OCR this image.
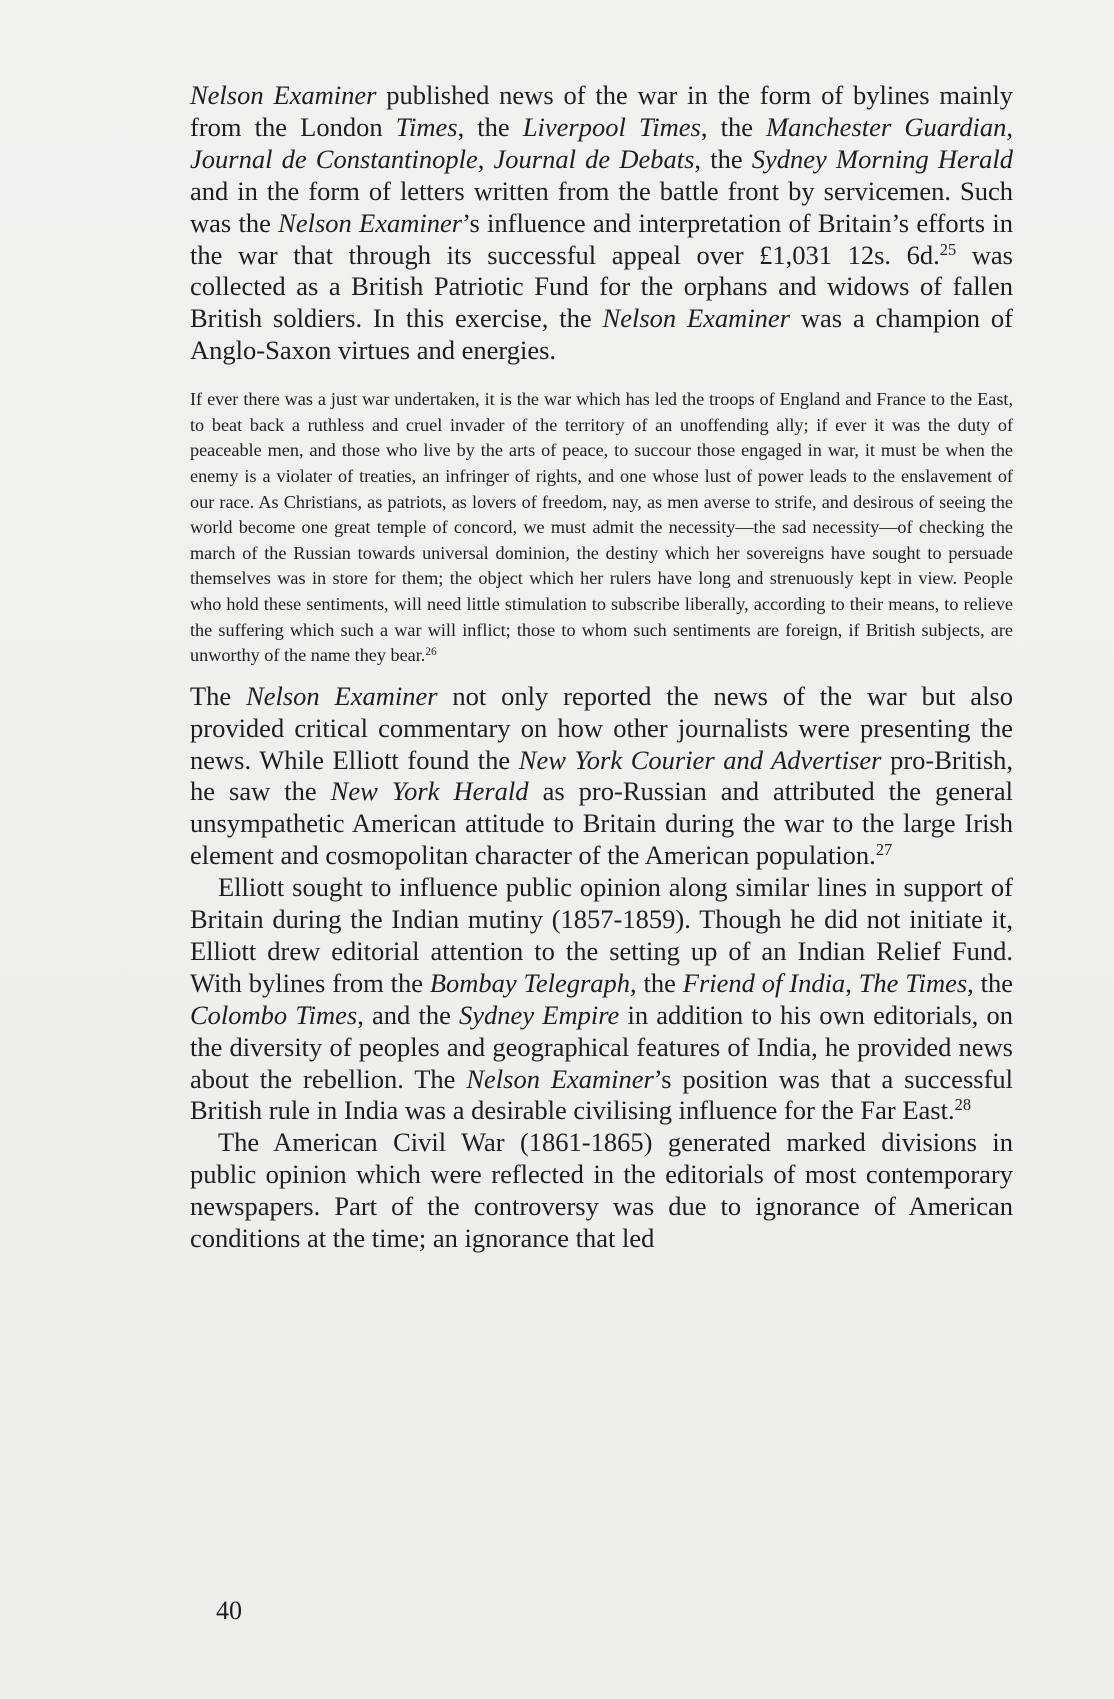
Nelson Examiner published news of the war in the form of bylines mainly from the London Times, the Liverpool Times, the Manchester Guardian, Journal de Constantinople, Journal de Debats, the Sydney Morning Herald and in the form of letters written from the battle front by servicemen. Such was the Nelson Examiner’s influence and interpretation of Britain’s efforts in the war that through its successful appeal over £1,031 12s. 6d.$^{25}$ was collected as a British Patriotic Fund for the orphans and widows of fallen British soldiers. In this exercise, the Nelson Examiner was a champion of Anglo-Saxon virtues and energies.

If ever there was a just war undertaken, it is the war which has led the troops of England and France to the East, to beat back a ruthless and cruel invader of the territory of an unoffending ally; if ever it was the duty of peaceable men, and those who live by the arts of peace, to succour those engaged in war, it must be when the enemy is a violater of treaties, an infringer of rights, and one whose lust of power leads to the enslavement of our race. As Christians, as patriots, as lovers of freedom, nay, as men averse to strife, and desirous of seeing the world become one great temple of concord, we must admit the necessity—the sad necessity—of checking the march of the Russian towards universal dominion, the destiny which her sovereigns have sought to persuade themselves was in store for them; the object which her rulers have long and strenuously kept in view. People who hold these sentiments, will need little stimulation to subscribe liberally, according to their means, to relieve the suffering which such a war will inflict; those to whom such sentiments are foreign, if British subjects, are unworthy of the name they bear.$^{26}$

The Nelson Examiner not only reported the news of the war but also provided critical commentary on how other journalists were presenting the news. While Elliott found the New York Courier and Advertiser pro-British, he saw the New York Herald as pro-Russian and attributed the general unsympathetic American attitude to Britain during the war to the large Irish element and cosmopolitan character of the American population.$^{27}$

Elliott sought to influence public opinion along similar lines in support of Britain during the Indian mutiny (1857-1859). Though he did not initiate it, Elliott drew editorial attention to the setting up of an Indian Relief Fund. With bylines from the Bombay Telegraph, the Friend of India, The Times, the Colombo Times, and the Sydney Empire in addition to his own editorials, on the diversity of peoples and geographical features of India, he provided news about the rebellion. The Nelson Examiner’s position was that a successful British rule in India was a desirable civilising influence for the Far East.$^{28}$

The American Civil War (1861-1865) generated marked divisions in public opinion which were reflected in the editorials of most contemporary newspapers. Part of the controversy was due to ignorance of American conditions at the time; an ignorance that led

40
